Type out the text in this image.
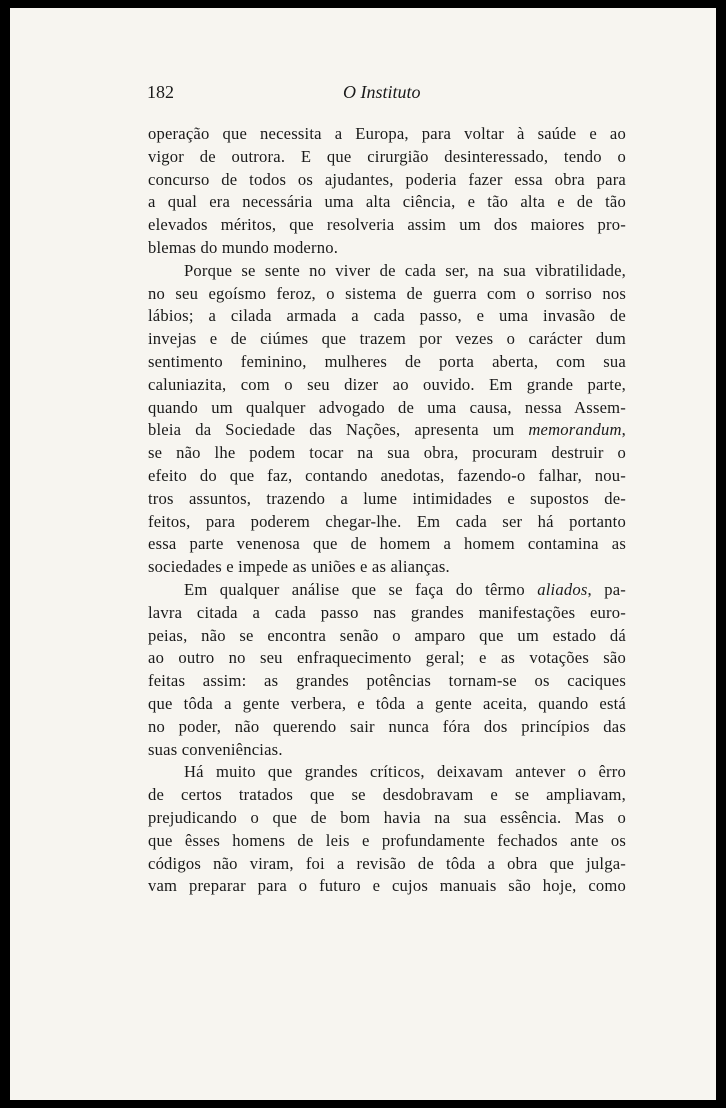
182	O Instituto
operação que necessita a Europa, para voltar à saúde e ao
vigor de outrora. E que cirurgião desinteressado, tendo o
concurso de todos os ajudantes, poderia fazer essa obra para
a qual era necessária uma alta ciência, e tão alta e de tão
elevados méritos, que resolveria assim um dos maiores pro-
blemas do mundo moderno.
Porque se sente no viver de cada ser, na sua vibratilidade,
no seu egoísmo feroz, o sistema de guerra com o sorriso nos
lábios; a cilada armada a cada passo, e uma invasão de
invejas e de ciúmes que trazem por vezes o carácter dum
sentimento feminino, mulheres de porta aberta, com sua
caluniazita, com o seu dizer ao ouvido. Em grande parte,
quando um qualquer advogado de uma causa, nessa Assem-
bleia da Sociedade das Nações, apresenta um memorandum,
se não lhe podem tocar na sua obra, procuram destruir o
efeito do que faz, contando anedotas, fazendo-o falhar, nou-
tros assuntos, trazendo a lume intimidades e supostos de-
feitos, para poderem chegar-lhe. Em cada ser há portanto
essa parte venenosa que de homem a homem contamina as
sociedades e impede as uniões e as alianças.
Em qualquer análise que se faça do têrmo aliados, pa-
lavra citada a cada passo nas grandes manifestações euro-
peias, não se encontra senão o amparo que um estado dá
ao outro no seu enfraquecimento geral; e as votações são
feitas assim: as grandes potências tornam-se os caciques
que tôda a gente verbera, e tôda a gente aceita, quando está
no poder, não querendo sair nunca fóra dos princípios das
suas conveniências.
Há muito que grandes críticos, deixavam antever o êrro
de certos tratados que se desdobravam e se ampliavam,
prejudicando o que de bom havia na sua essência. Mas o
que êsses homens de leis e profundamente fechados ante os
códigos não viram, foi a revisão de tôda a obra que julga-
vam preparar para o futuro e cujos manuais são hoje, como
